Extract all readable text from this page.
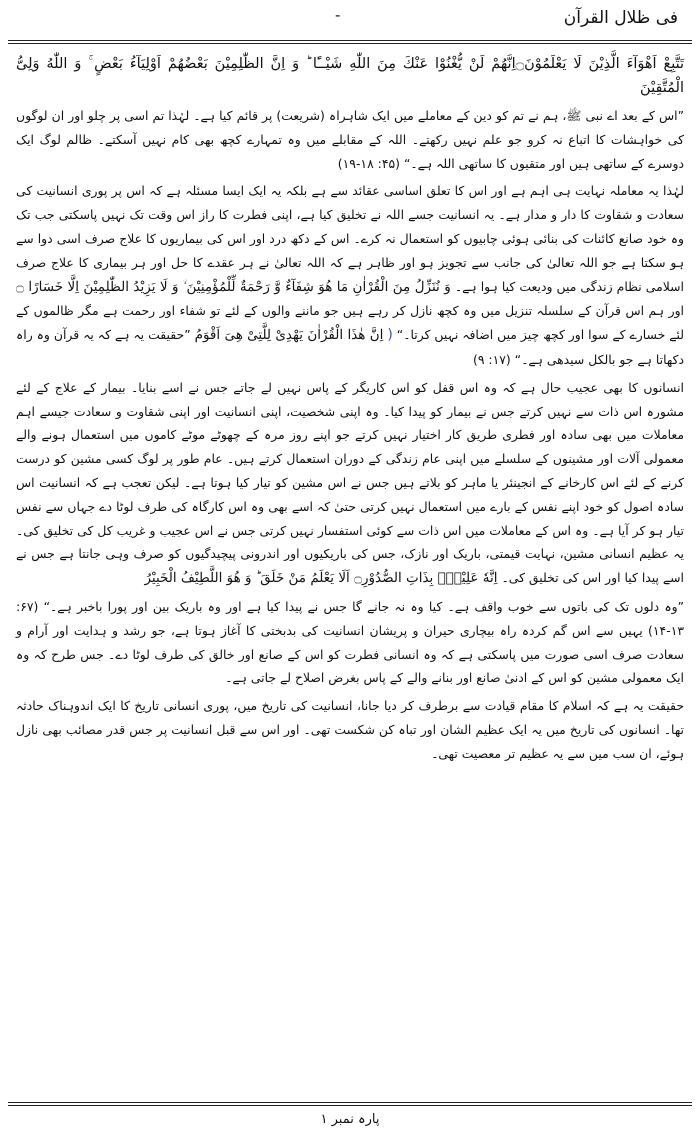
فی ظلال القرآن
-

تَتَّبِعْ اَهْوَآءَ الَّذِیْنَ لَا یَعْلَمُوْنَ۝اِنَّهُمْ لَنْ یُّغْنُوْا عَنْكَ مِنَ اللّٰهِ شَیْــًٔا ؕ وَ اِنَّ الظّٰلِمِیْنَ بَعْضُهُمْ اَوْلِیَآءُ بَعْضٍ ۚ وَ اللّٰهُ وَلِیُّ الْمُتَّقِیْنَ

”اس کے بعد اے نبی ﷺ، ہم نے تم کو دین کے معاملے میں ایک شاہراہ (شریعت) پر قائم کیا ہے۔ لہٰذا تم اسی پر چلو اور ان لوگوں کی خواہشات کا اتباع نہ کرو جو علم نہیں رکھتے۔ اللہ کے مقابلے میں وہ تمہارے کچھ بھی کام نہیں آسکتے۔ ظالم لوگ ایک دوسرے کے ساتھی ہیں اور متقیوں کا ساتھی اللہ ہے۔“ (۴۵: ۱۸-۱۹)

لہٰذا یہ معاملہ نہایت ہی اہم ہے اور اس کا تعلق اساسی عقائد سے ہے بلکہ یہ ایک ایسا مسئلہ ہے کہ اس پر پوری انسانیت کی سعادت و شقاوت کا دار و مدار ہے۔ یہ انسانیت جسے اللہ نے تخلیق کیا ہے، اپنی فطرت کا راز اس وقت تک نہیں پاسکتی جب تک وہ خود صانع کائنات کی بنائی ہوئی چابیوں کو استعمال نہ کرے۔ اس کے دکھ درد اور اس کی بیماریوں کا علاج صرف اسی دوا سے ہو سکتا ہے جو اللہ تعالیٰ کی جانب سے تجویز ہو اور ظاہر ہے کہ اللہ تعالیٰ نے ہر عقدے کا حل اور ہر بیماری کا علاج صرف اسلامی نظام زندگی میں ودیعت کیا ہوا ہے۔ وَ نُنَزِّلُ مِنَ الْقُرْاٰنِ مَا هُوَ شِفَآءٌ وَّ رَحْمَةٌ لِّلْمُؤْمِنِیْنَ ۙ وَ لَا یَزِیْدُ الظّٰلِمِیْنَ اِلَّا خَسَارًا ۝ اور ہم اس قرآن کے سلسلہ تنزیل میں وہ کچھ نازل کر رہے ہیں جو ماننے والوں کے لئے تو شفاء اور رحمت ہے مگر ظالموں کے لئے خسارے کے سوا اور کچھ چیز میں اضافہ نہیں کرتا۔“ ( اِنَّ هٰذَا الْقُرْاٰنَ یَهْدِیْ لِلَّتِیْ هِیَ اَقْوَمُ ”حقیقت یہ ہے کہ یہ قرآن وہ راہ دکھاتا ہے جو بالکل سیدھی ہے۔“ (۱۷: ۹)

انسانوں کا بھی عجیب حال ہے کہ وہ اس قفل کو اس کاریگر کے پاس نہیں لے جاتے جس نے اسے بنایا۔ بیمار کے علاج کے لئے مشورہ اس ذات سے نہیں کرتے جس نے بیمار کو پیدا کیا۔ وہ اپنی شخصیت، اپنی انسانیت اور اپنی شقاوت و سعادت جیسے اہم معاملات میں بھی سادہ اور فطری طریق کار اختیار نہیں کرتے جو اپنے روز مرہ کے چھوٹے موٹے کاموں میں استعمال ہونے والے معمولی آلات اور مشینوں کے سلسلے میں اپنی عام زندگی کے دوران استعمال کرتے ہیں۔ عام طور پر لوگ کسی مشین کو درست کرنے کے لئے اس کارخانے کے انجینئر یا ماہر کو بلاتے ہیں جس نے اس مشین کو تیار کیا ہوتا ہے۔ لیکن تعجب ہے کہ انسانیت اس سادہ اصول کو خود اپنے نفس کے بارے میں استعمال نہیں کرتی حتیٰ کہ اسے بھی وہ اس کارگاہ کی طرف لوٹا دے جہاں سے نفس تیار ہو کر آیا ہے۔ وہ اس کے معاملات میں اس ذات سے کوئی استفسار نہیں کرتی جس نے اس عجیب و غریب کل کی تخلیق کی۔ یہ عظیم انسانی مشین، نہایت قیمتی، باریک اور نازک، جس کی باریکیوں اور اندرونی پیچیدگیوں کو صرف وہی جانتا ہے جس نے اسے پیدا کیا اور اس کی تخلیق کی۔ اِنَّهٗ عَلِیْمٌۢ بِذَاتِ الصُّدُوْرِ۝ اَلَا یَعْلَمُ مَنْ خَلَقَ ؕ وَ هُوَ اللَّطِیْفُ الْخَبِیْرُ

”وہ دلوں تک کی باتوں سے خوب واقف ہے۔ کیا وہ نہ جانے گا جس نے پیدا کیا ہے اور وہ باریک بین اور پورا باخبر ہے۔“ (۶۷: ۱۳-۱۴) یہیں سے اس گم کردہ راہ بیچاری حیران و پریشان انسانیت کی بدبختی کا آغاز ہوتا ہے، جو رشد و ہدایت اور آرام و سعادت صرف اسی صورت میں پاسکتی ہے کہ وہ انسانی فطرت کو اس کے صانع اور خالق کی طرف لوٹا دے۔ جس طرح کہ وہ ایک معمولی مشین کو اس کے ادنیٰ صانع اور بنانے والے کے پاس بغرض اصلاح لے جاتی ہے۔

حقیقت یہ ہے کہ اسلام کا مقام قیادت سے برطرف کر دیا جانا، انسانیت کی تاریخ میں، پوری انسانی تاریخ کا ایک اندوہناک حادثہ تھا۔ انسانوں کی تاریخ میں یہ ایک عظیم الشان اور تباہ کن شکست تھی۔ اور اس سے قبل انسانیت پر جس قدر مصائب بھی نازل ہوئے، ان سب میں سے یہ عظیم تر معصیت تھی۔

پارہ نمبر ۱
